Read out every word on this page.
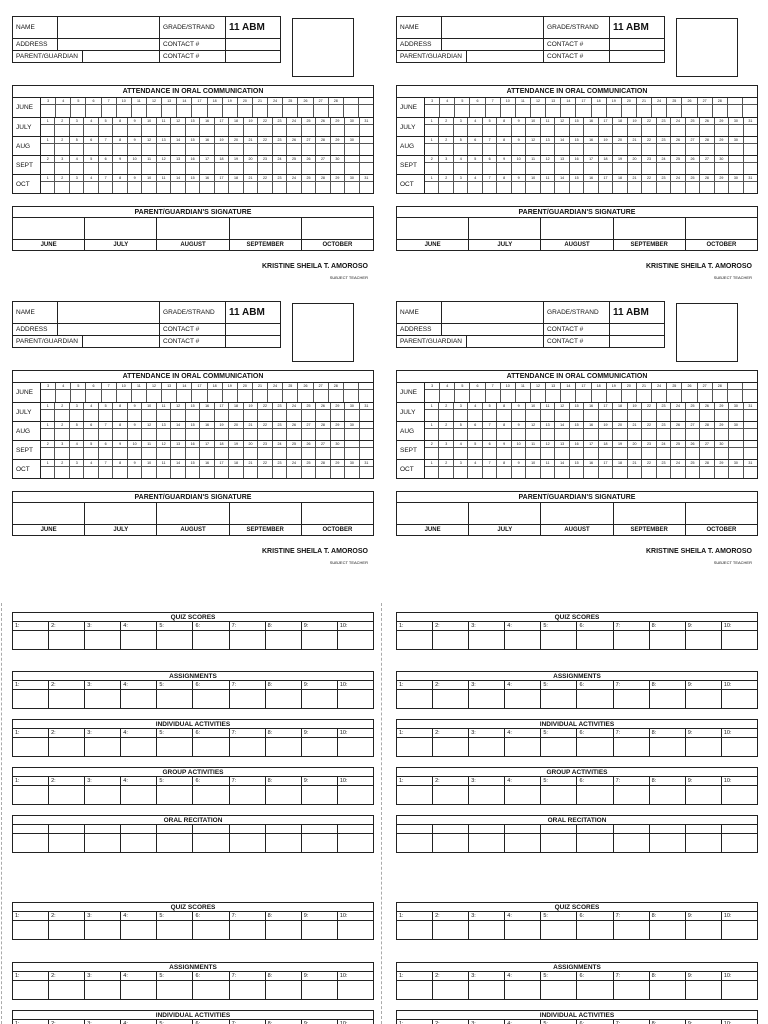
NAME			GRADE/STRAND	11 ABM
ADDRESS			CONTACT #	
PARENT/GUARDIAN			CONTACT #	
ATTENDANCE IN ORAL COMMUNICATION
JUNE
3	4	5	6	7	10	11	12	13	14	17	18	19	20	21	24	25	26	27	28
JULY
1	2	3	4	5	8	9	10	11	12	15	16	17	18	19	22	23	24	25	26	29	30	31
AUG
1	2	5	6	7	8	9	12	13	14	15	16	19	20	21	22	23	26	27	28	29	30
SEPT
2	3	4	5	6	9	10	11	12	13	16	17	18	19	20	23	24	25	26	27	30
OCT
1	2	3	4	7	8	9	10	11	14	15	16	17	18	21	22	23	24	25	28	29	30	31
PARENT/GUARDIAN'S SIGNATURE
JUNE	JULY	AUGUST	SEPTEMBER	OCTOBER
KRISTINE SHEILA T. AMOROSO
SUBJECT TEACHER
NAME			GRADE/STRAND	11 ABM
ADDRESS			CONTACT #	
PARENT/GUARDIAN			CONTACT #	
ATTENDANCE IN ORAL COMMUNICATION
JUNE
3	4	5	6	7	10	11	12	13	14	17	18	19	20	21	24	25	26	27	28
JULY
1	2	3	4	5	8	9	10	11	12	15	16	17	18	19	22	23	24	25	26	29	30	31
AUG
1	2	5	6	7	8	9	12	13	14	15	16	19	20	21	22	23	26	27	28	29	30
SEPT
2	3	4	5	6	9	10	11	12	13	16	17	18	19	20	23	24	25	26	27	30
OCT
1	2	3	4	7	8	9	10	11	14	15	16	17	18	21	22	23	24	25	28	29	30	31
PARENT/GUARDIAN'S SIGNATURE
JUNE	JULY	AUGUST	SEPTEMBER	OCTOBER
KRISTINE SHEILA T. AMOROSO
SUBJECT TEACHER
NAME			GRADE/STRAND	11 ABM
ADDRESS			CONTACT #	
PARENT/GUARDIAN			CONTACT #	
ATTENDANCE IN ORAL COMMUNICATION
JUNE
3	4	5	6	7	10	11	12	13	14	17	18	19	20	21	24	25	26	27	28
JULY
1	2	3	4	5	8	9	10	11	12	15	16	17	18	19	22	23	24	25	26	29	30	31
AUG
1	2	5	6	7	8	9	12	13	14	15	16	19	20	21	22	23	26	27	28	29	30
SEPT
2	3	4	5	6	9	10	11	12	13	16	17	18	19	20	23	24	25	26	27	30
OCT
1	2	3	4	7	8	9	10	11	14	15	16	17	18	21	22	23	24	25	28	29	30	31
PARENT/GUARDIAN'S SIGNATURE
JUNE	JULY	AUGUST	SEPTEMBER	OCTOBER
KRISTINE SHEILA T. AMOROSO
SUBJECT TEACHER
NAME			GRADE/STRAND	11 ABM
ADDRESS			CONTACT #	
PARENT/GUARDIAN			CONTACT #	
ATTENDANCE IN ORAL COMMUNICATION
JUNE
3	4	5	6	7	10	11	12	13	14	17	18	19	20	21	24	25	26	27	28
JULY
1	2	3	4	5	8	9	10	11	12	15	16	17	18	19	22	23	24	25	26	29	30	31
AUG
1	2	5	6	7	8	9	12	13	14	15	16	19	20	21	22	23	26	27	28	29	30
SEPT
2	3	4	5	6	9	10	11	12	13	16	17	18	19	20	23	24	25	26	27	30
OCT
1	2	3	4	7	8	9	10	11	14	15	16	17	18	21	22	23	24	25	28	29	30	31
PARENT/GUARDIAN'S SIGNATURE
JUNE	JULY	AUGUST	SEPTEMBER	OCTOBER
KRISTINE SHEILA T. AMOROSO
SUBJECT TEACHER
QUIZ SCORES
1:	2:	3:	4:	5:	6:	7:	8:	9:	10:
ASSIGNMENTS
1:	2:	3:	4:	5:	6:	7:	8:	9:	10:
INDIVIDUAL ACTIVITIES
1:	2:	3:	4:	5:	6:	7:	8:	9:	10:
GROUP ACTIVITIES
1:	2:	3:	4:	5:	6:	7:	8:	9:	10:
ORAL RECITATION
QUIZ SCORES
1:	2:	3:	4:	5:	6:	7:	8:	9:	10:
ASSIGNMENTS
1:	2:	3:	4:	5:	6:	7:	8:	9:	10:
INDIVIDUAL ACTIVITIES
1:	2:	3:	4:	5:	6:	7:	8:	9:	10:
QUIZ SCORES
1:	2:	3:	4:	5:	6:	7:	8:	9:	10:
ASSIGNMENTS
1:	2:	3:	4:	5:	6:	7:	8:	9:	10:
INDIVIDUAL ACTIVITIES
1:	2:	3:	4:	5:	6:	7:	8:	9:	10:
GROUP ACTIVITIES
1:	2:	3:	4:	5:	6:	7:	8:	9:	10:
ORAL RECITATION
QUIZ SCORES
1:	2:	3:	4:	5:	6:	7:	8:	9:	10:
ASSIGNMENTS
1:	2:	3:	4:	5:	6:	7:	8:	9:	10:
INDIVIDUAL ACTIVITIES
1:	2:	3:	4:	5:	6:	7:	8:	9:	10:
